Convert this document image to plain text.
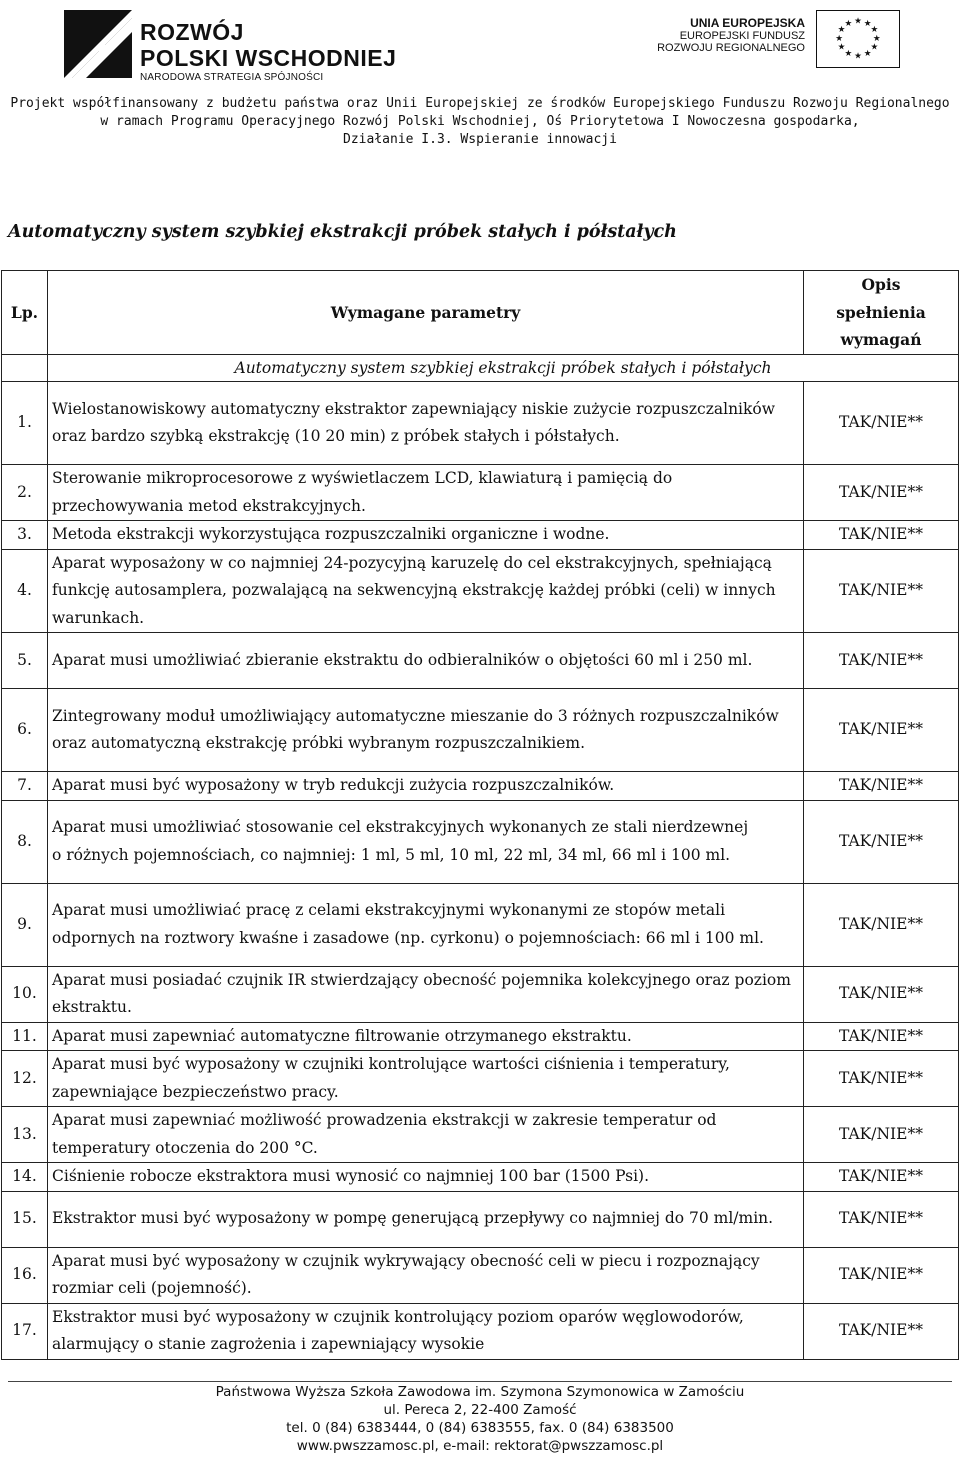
ROZWÓJ
POLSKI WSCHODNIEJ
NARODOWA STRATEGIA SPÓJNOŚCI
UNIA EUROPEJSKA
EUROPEJSKI FUNDUSZ
ROZWOJU REGIONALNEGO
★ ★
★
★
★
★
★
★
★
★
★
★
Projekt współfinansowany z budżetu państwa oraz Unii Europejskiej ze środków Europejskiego Funduszu Rozwoju Regionalnego
w ramach Programu Operacyjnego Rozwój Polski Wschodniej, Oś Priorytetowa I Nowoczesna gospodarka,
Działanie I.3. Wspieranie innowacji
Automatyczny system szybkiej ekstrakcji próbek stałych i półstałych
Lp.	Wymagane parametry	Opis
spełnienia
wymagań

	Automatyczny system szybkiej ekstrakcji próbek stałych i półstałych	
1.	Wielostanowiskowy automatyczny ekstraktor zapewniający niskie zużycie rozpuszczalników oraz bardzo szybką ekstrakcję (10 20 min) z próbek stałych i półstałych.	TAK/NIE**
2.	Sterowanie mikroprocesorowe z wyświetlaczem LCD, klawiaturą i pamięcią do przechowywania metod ekstrakcyjnych.	TAK/NIE**
3.	Metoda ekstrakcji wykorzystująca rozpuszczalniki organiczne i wodne.	TAK/NIE**
4.	Aparat wyposażony w co najmniej 24-pozycyjną karuzelę do cel ekstrakcyjnych, spełniającą funkcję autosamplera, pozwalającą na sekwencyjną ekstrakcję każdej próbki (celi) w innych warunkach.	TAK/NIE**
5.	Aparat musi umożliwiać zbieranie ekstraktu do odbieralników o objętości 60 ml i 250 ml.	TAK/NIE**
6.	Zintegrowany moduł umożliwiający automatyczne mieszanie do 3 różnych rozpuszczalników oraz automatyczną ekstrakcję próbki wybranym rozpuszczalnikiem.	TAK/NIE**
7.	Aparat musi być wyposażony w tryb redukcji zużycia rozpuszczalników.	TAK/NIE**
8.	Aparat musi umożliwiać stosowanie cel ekstrakcyjnych wykonanych ze stali nierdzewnej
o różnych pojemnościach, co najmniej: 1 ml, 5 ml, 10 ml, 22 ml, 34 ml, 66 ml i 100 ml.	TAK/NIE**
9.	Aparat musi umożliwiać pracę z celami ekstrakcyjnymi wykonanymi ze stopów metali odpornych na roztwory kwaśne i zasadowe (np. cyrkonu) o pojemnościach: 66 ml i 100 ml.	TAK/NIE**
10.	Aparat musi posiadać czujnik IR stwierdzający obecność pojemnika kolekcyjnego oraz poziom ekstraktu.	TAK/NIE**
11.	Aparat musi zapewniać automatyczne filtrowanie otrzymanego ekstraktu.	TAK/NIE**
12.	Aparat musi być wyposażony w czujniki kontrolujące wartości ciśnienia i temperatury, zapewniające bezpieczeństwo pracy.	TAK/NIE**
13.	Aparat musi zapewniać możliwość prowadzenia ekstrakcji w zakresie temperatur od temperatury otoczenia do 200 °C.	TAK/NIE**
14.	Ciśnienie robocze ekstraktora musi wynosić co najmniej 100 bar (1500 Psi).	TAK/NIE**
15.	Ekstraktor musi być wyposażony w pompę generującą przepływy co najmniej do 70 ml/min.	TAK/NIE**
16.	Aparat musi być wyposażony w czujnik wykrywający obecność celi w piecu i rozpoznający rozmiar celi (pojemność).	TAK/NIE**
17.	Ekstraktor musi być wyposażony w czujnik kontrolujący poziom oparów węglowodorów, alarmujący o stanie zagrożenia i zapewniający wysokie	TAK/NIE**
Państwowa Wyższa Szkoła Zawodowa im. Szymona Szymonowica w Zamościu
ul. Pereca 2, 22-400 Zamość
tel. 0 (84) 6383444, 0 (84) 6383555, fax. 0 (84) 6383500
www.pwszzamosc.pl, e-mail: rektorat@pwszzamosc.pl
